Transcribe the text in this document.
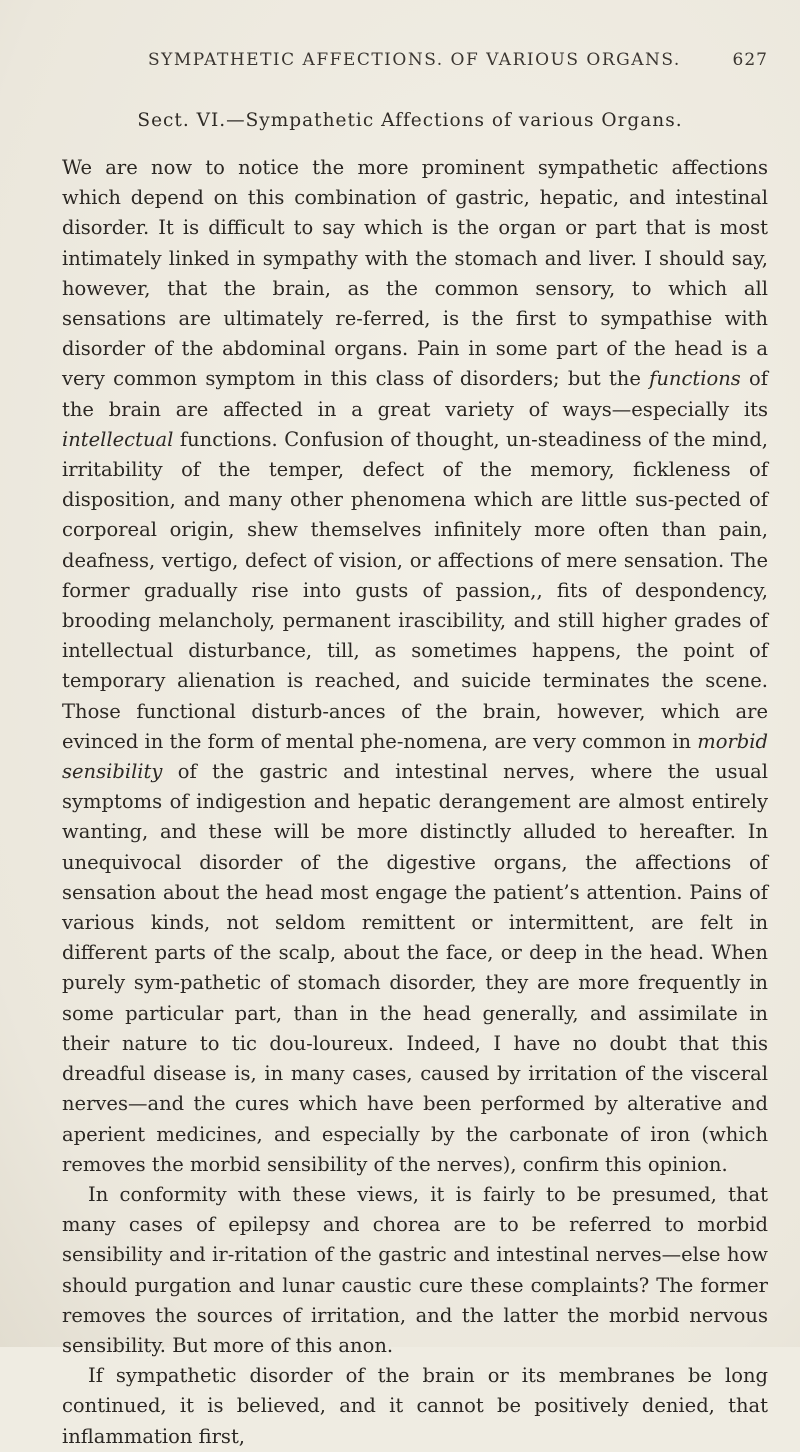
SYMPATHETIC AFFECTIONS. OF VARIOUS ORGANS.	627
Sect. VI.—Sympathetic Affections of various Organs.

We are now to notice the more prominent sympathetic affections which depend on this combination of gastric, hepatic, and intestinal disorder. It is difficult to say which is the organ or part that is most intimately linked in sympathy with the stomach and liver. I should say, however, that the brain, as the common sensory, to which all sensations are ultimately re-ferred, is the first to sympathise with disorder of the abdominal organs. Pain in some part of the head is a very common symptom in this class of disorders; but the functions of the brain are affected in a great variety of ways—especially its intellectual functions. Confusion of thought, un-steadiness of the mind, irritability of the temper, defect of the memory, fickleness of disposition, and many other phenomena which are little sus-pected of corporeal origin, shew themselves infinitely more often than pain, deafness, vertigo, defect of vision, or affections of mere sensation. The former gradually rise into gusts of passion,, fits of despondency, brooding melancholy, permanent irascibility, and still higher grades of intellectual disturbance, till, as sometimes happens, the point of temporary alienation is reached, and suicide terminates the scene. Those functional disturb-ances of the brain, however, which are evinced in the form of mental phe-nomena, are very common in morbid sensibility of the gastric and intestinal nerves, where the usual symptoms of indigestion and hepatic derangement are almost entirely wanting, and these will be more distinctly alluded to hereafter. In unequivocal disorder of the digestive organs, the affections of sensation about the head most engage the patient’s attention. Pains of various kinds, not seldom remittent or intermittent, are felt in different parts of the scalp, about the face, or deep in the head. When purely sym-pathetic of stomach disorder, they are more frequently in some particular part, than in the head generally, and assimilate in their nature to tic dou-loureux. Indeed, I have no doubt that this dreadful disease is, in many cases, caused by irritation of the visceral nerves—and the cures which have been performed by alterative and aperient medicines, and especially by the carbonate of iron (which removes the morbid sensibility of the nerves), confirm this opinion.

In conformity with these views, it is fairly to be presumed, that many cases of epilepsy and chorea are to be referred to morbid sensibility and ir-ritation of the gastric and intestinal nerves—else how should purgation and lunar caustic cure these complaints? The former removes the sources of irritation, and the latter the morbid nervous sensibility. But more of this anon.

If sympathetic disorder of the brain or its membranes be long continued, it is believed, and it cannot be positively denied, that inflammation first,
